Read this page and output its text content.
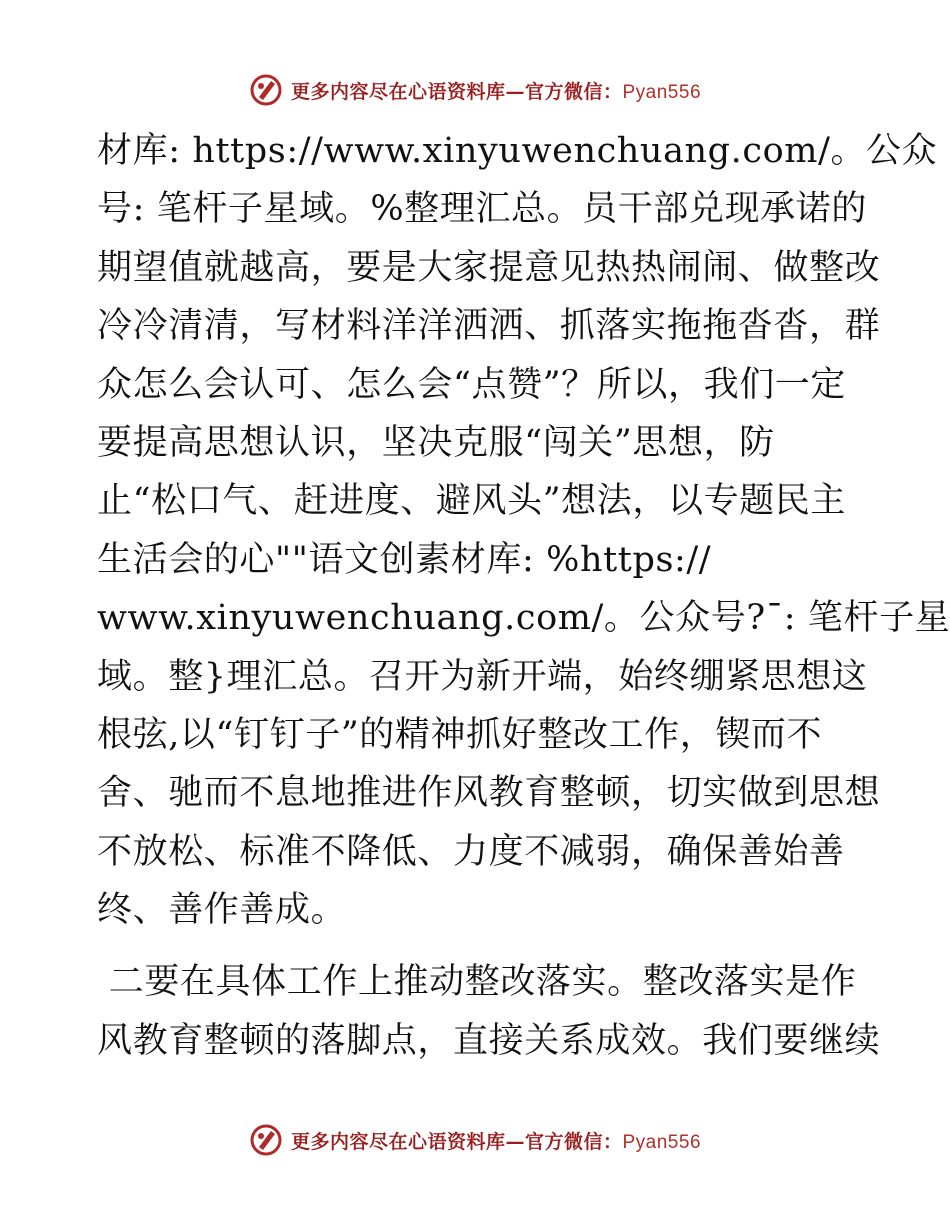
更多内容尽在心语资料库—官方微信：Pyan556
材库: https://www.xinyuwenchuang.com/。公众
号: 笔杆子星域。%整理汇总。员干部兑现承诺的
期望值就越高，要是大家提意见热热闹闹、做整改
冷冷清清，写材料洋洋洒洒、抓落实拖拖沓沓，群
众怎么会认可、怎么会“点赞”？所以，我们一定
要提高思想认识，坚决克服“闯关”思想，防
止“松口气、赶进度、避风头”想法，以专题民主
生活会的心""语文创素材库: %https://
www.xinyuwenchuang.com/。公众号?¯: 笔杆子星
域。整}理汇总。召开为新开端，始终绷紧思想这
根弦,以“钉钉子”的精神抓好整改工作，锲而不
舍、驰而不息地推进作风教育整顿，切实做到思想
不放松、标准不降低、力度不减弱，确保善始善
终、善作善成。
二要在具体工作上推动整改落实。整改落实是作
风教育整顿的落脚点，直接关系成效。我们要继续
更多内容尽在心语资料库—官方微信：Pyan556
